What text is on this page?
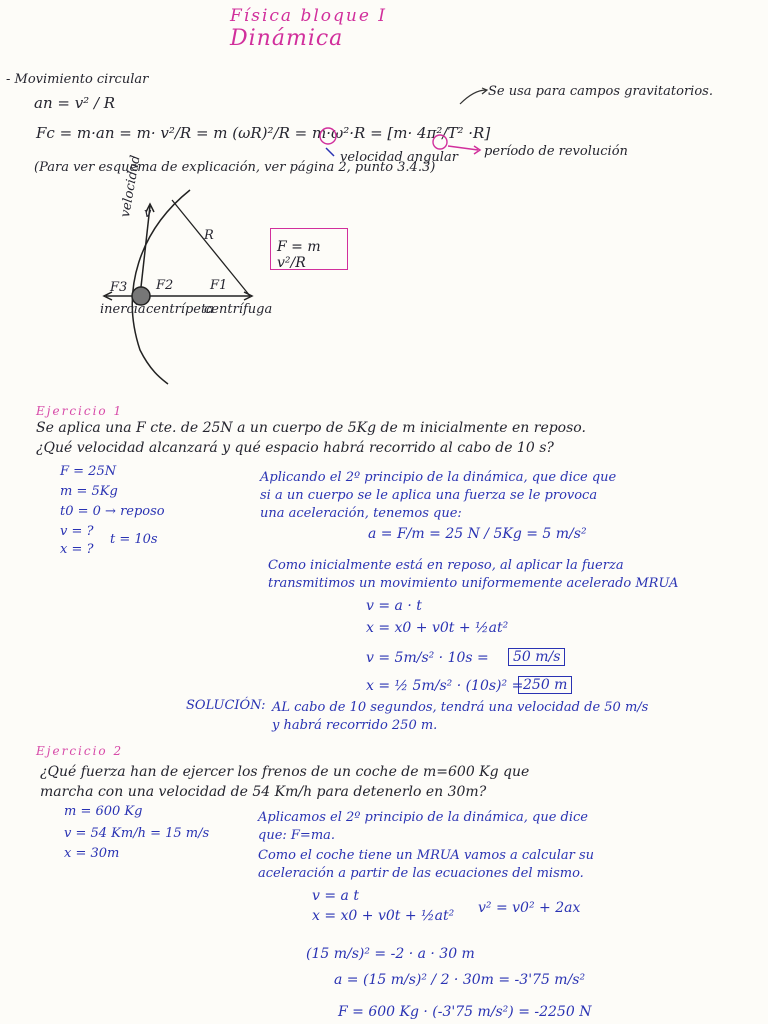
Física bloque I
Dinámica
- Movimiento circular
an = v² / R
Fc = m·an = m· v²/R = m (ωR)²/R = m·ω²·R = [m· 4π²/T² ·R]
Se usa para campos gravitatorios.
velocidad angular período de revolución
(Para ver esquema de explicación, ver página 2, punto 3.4.3)
velocidad v
R
F3 F2	F1
inercia centrípeta
centrífuga
F = m v²/R
Ejercicio 1
Se aplica una F cte. de 25N a un cuerpo de 5Kg de m inicialmente en reposo.
¿Qué velocidad alcanzará y qué espacio habrá recorrido al cabo de 10 s?
F = 25N
m = 5Kg
t0 = 0 → reposo
v = ?
x = ?
t = 10s
Aplicando el 2º principio de la dinámica, que dice que
si a un cuerpo se le aplica una fuerza se le provoca
una aceleración, tenemos que:
a = F/m = 25 N / 5Kg = 5 m/s²
Como inicialmente está en reposo, al aplicar la fuerza
transmitimos un movimiento uniformemente acelerado MRUA
v = a · t
x = x0 + v0t + ½at²
v = 5m/s² · 10s =	50 m/s
x = ½ 5m/s² · (10s)² = 250 m
SOLUCIÓN: AL cabo de 10 segundos, tendrá una velocidad de 50 m/s
y habrá recorrido 250 m.
Ejercicio 2
¿Qué fuerza han de ejercer los frenos de un coche de m=600 Kg que
marcha con una velocidad de 54 Km/h para detenerlo en 30m?
m = 600 Kg
v = 54 Km/h = 15 m/s
x = 30m
Aplicamos el 2º principio de la dinámica, que dice
que: F=ma.
Como el coche tiene un MRUA vamos a calcular su
aceleración a partir de las ecuaciones del mismo.
v = a t
x = x0 + v0t + ½at² v² = v0² + 2ax
(15 m/s)² = -2 · a · 30 m
a = (15 m/s)² / 2 · 30m = -3'75 m/s²
F = 600 Kg · (-3'75 m/s²) = -2250 N
